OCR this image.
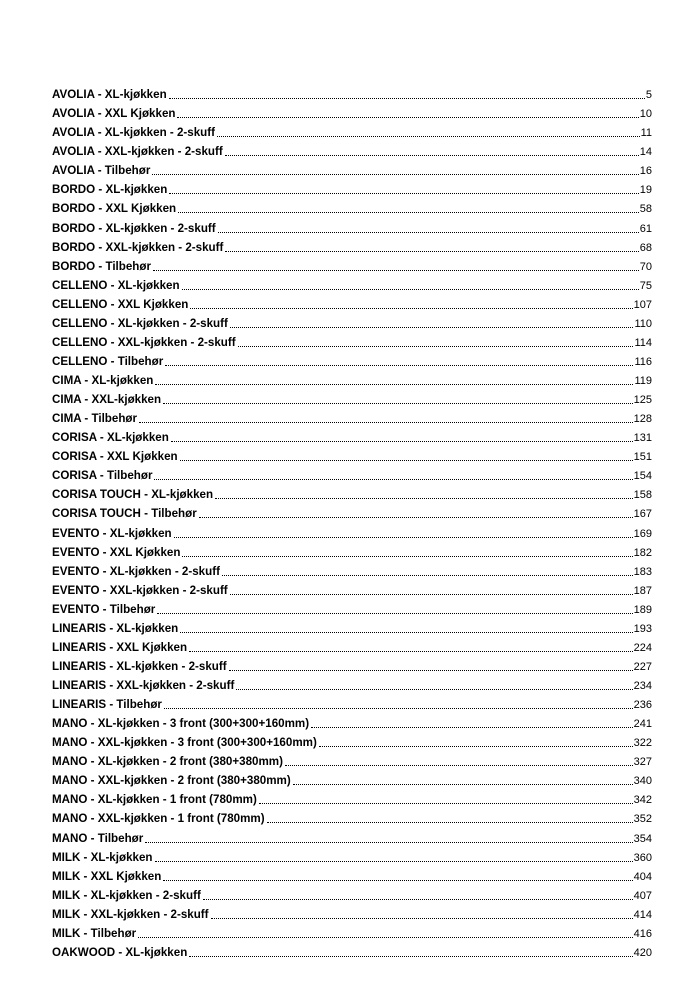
AVOLIA - XL-kjøkken	5
AVOLIA - XXL Kjøkken	10
AVOLIA - XL-kjøkken - 2-skuff	11
AVOLIA - XXL-kjøkken - 2-skuff	14
AVOLIA - Tilbehør	16
BORDO - XL-kjøkken	19
BORDO - XXL Kjøkken	58
BORDO - XL-kjøkken - 2-skuff	61
BORDO - XXL-kjøkken - 2-skuff	68
BORDO - Tilbehør	70
CELLENO - XL-kjøkken	75
CELLENO - XXL Kjøkken	107
CELLENO - XL-kjøkken - 2-skuff	110
CELLENO - XXL-kjøkken - 2-skuff	114
CELLENO - Tilbehør	116
CIMA - XL-kjøkken	119
CIMA - XXL-kjøkken	125
CIMA - Tilbehør	128
CORISA - XL-kjøkken	131
CORISA - XXL Kjøkken	151
CORISA - Tilbehør	154
CORISA TOUCH - XL-kjøkken	158
CORISA TOUCH - Tilbehør	167
EVENTO - XL-kjøkken	169
EVENTO - XXL Kjøkken	182
EVENTO - XL-kjøkken - 2-skuff	183
EVENTO - XXL-kjøkken - 2-skuff	187
EVENTO - Tilbehør	189
LINEARIS - XL-kjøkken	193
LINEARIS - XXL Kjøkken	224
LINEARIS - XL-kjøkken - 2-skuff	227
LINEARIS - XXL-kjøkken - 2-skuff	234
LINEARIS - Tilbehør	236
MANO - XL-kjøkken - 3 front (300+300+160mm)	241
MANO - XXL-kjøkken - 3 front (300+300+160mm)	322
MANO - XL-kjøkken - 2 front (380+380mm)	327
MANO - XXL-kjøkken - 2 front (380+380mm)	340
MANO - XL-kjøkken - 1 front (780mm)	342
MANO - XXL-kjøkken - 1 front (780mm)	352
MANO - Tilbehør	354
MILK - XL-kjøkken	360
MILK - XXL Kjøkken	404
MILK - XL-kjøkken - 2-skuff	407
MILK - XXL-kjøkken - 2-skuff	414
MILK - Tilbehør	416
OAKWOOD - XL-kjøkken	420
